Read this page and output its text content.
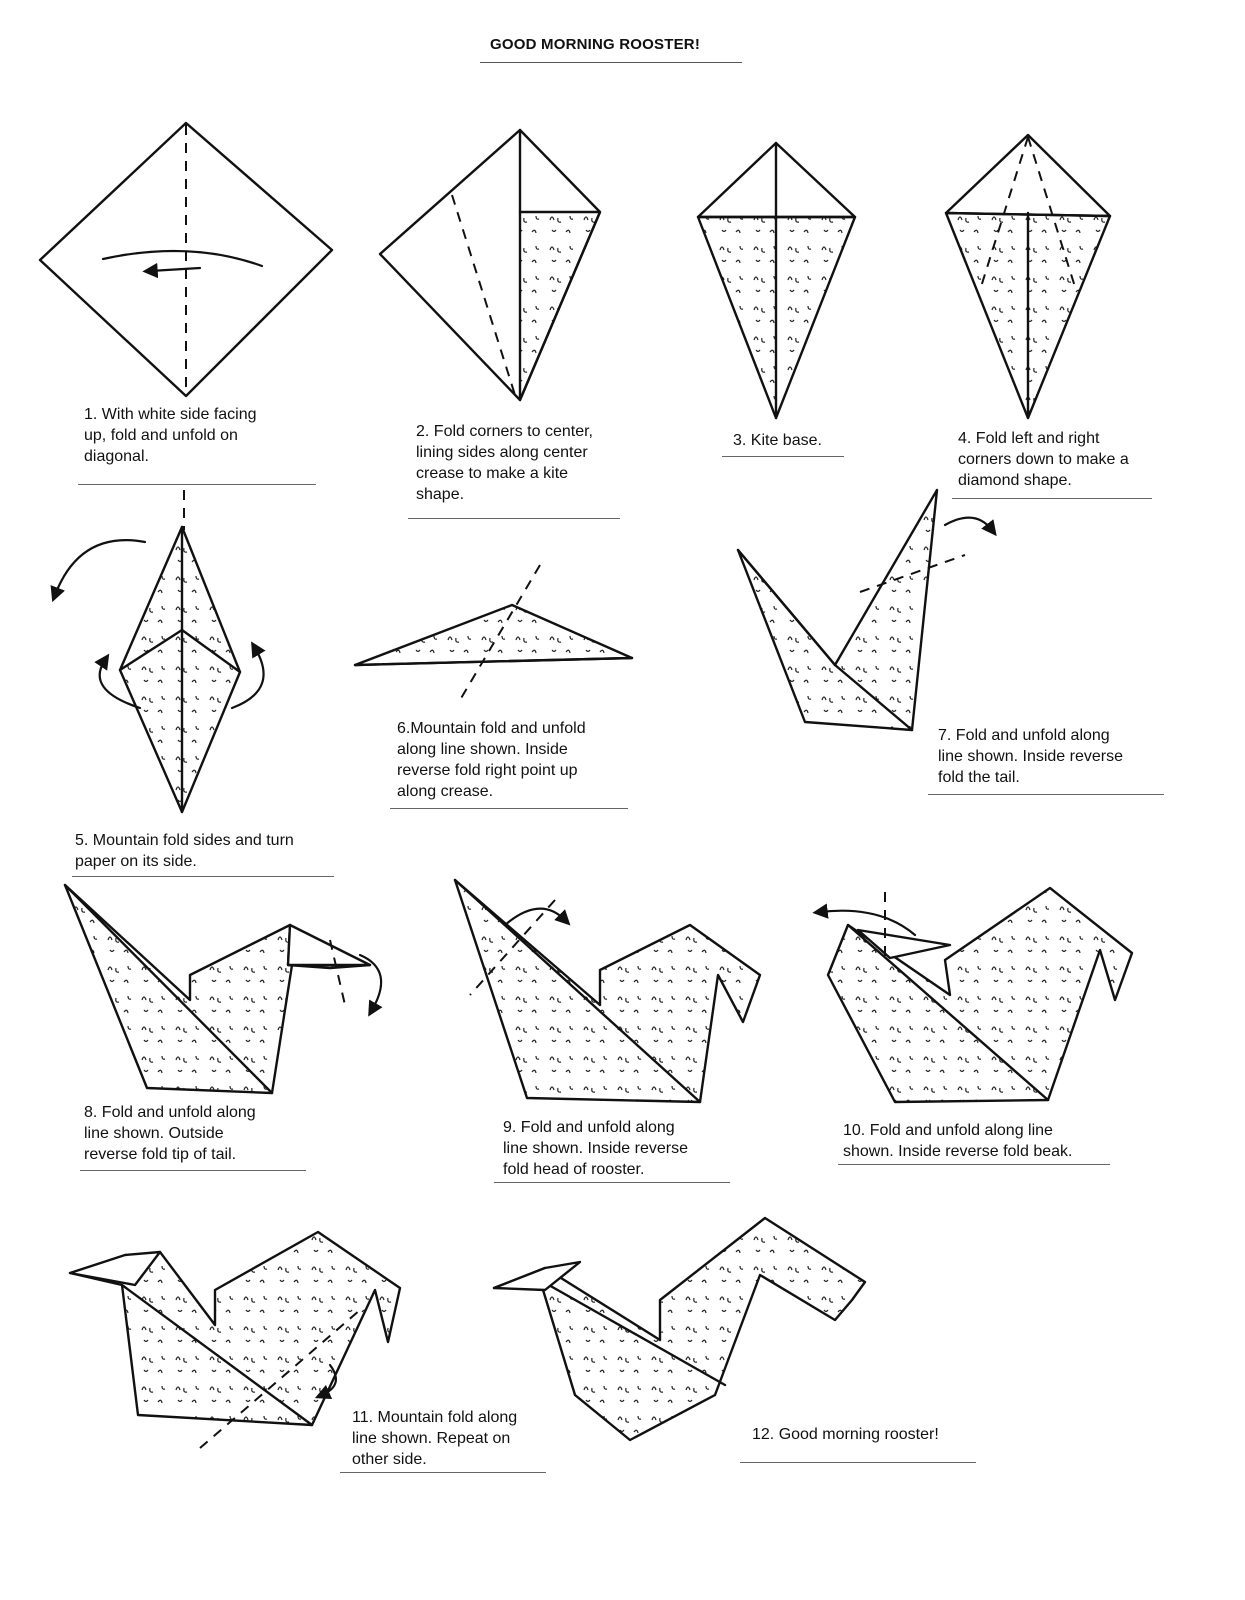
GOOD MORNING ROOSTER!

1. With white side facing
up, fold and unfold on
diagonal.

2. Fold corners to center,
lining sides along center
crease to make a kite
shape.

3. Kite base.	4. Fold left and right
corners down to make a
diamond shape.

5. Mountain fold sides and turn
paper on its side.

6.Mountain fold and unfold
along line shown. Inside
reverse fold right point up
along crease.

7. Fold and unfold along
line shown. Inside reverse
fold the tail.

8. Fold and unfold along
line shown. Outside
reverse fold tip of tail.

9. Fold and unfold along
line shown. Inside reverse
fold head of rooster.

10. Fold and unfold along line
shown. Inside reverse fold beak.

11. Mountain fold along
line shown. Repeat on
other side.

12. Good morning rooster!
